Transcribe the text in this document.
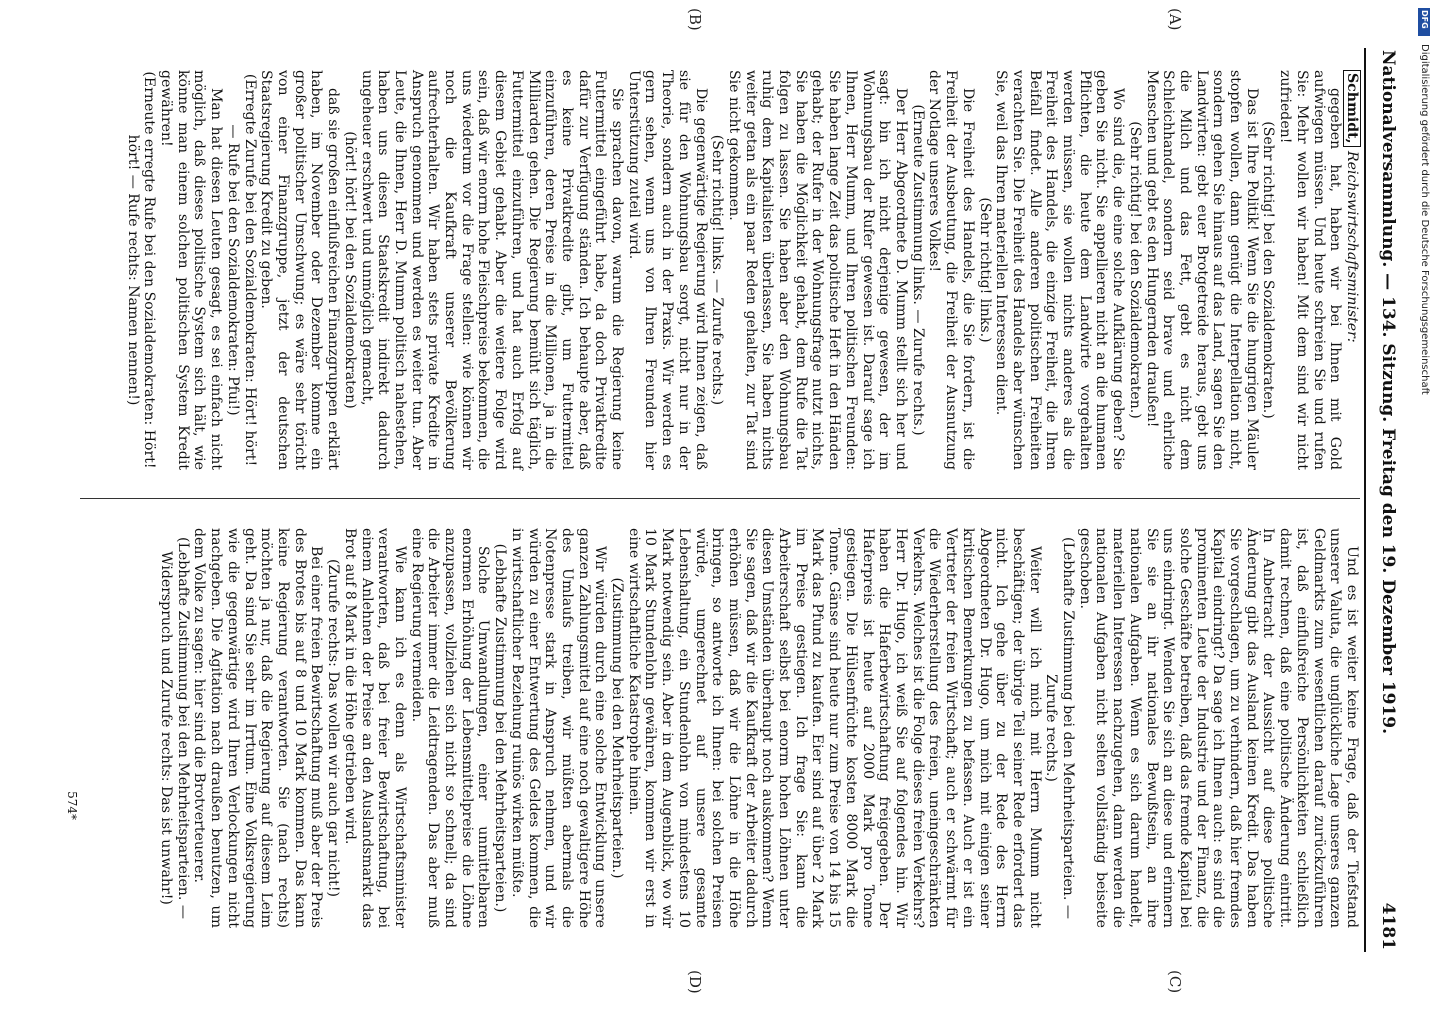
Nationalversammlung. — 134. Sitzung. Freitag den 19. Dezember 1919.
4181
(A)
(B)
(C)
(D)

Schmidt, Reichswirtschaftsminister:

gegeben hat, haben wir bei Ihnen mit Gold aufwiegen müssen. Und heute schreien Sie und rufen Sie: Mehr wollen wir haben! Mit dem sind wir nicht zufrieden!

(Sehr richtig! bei den Sozialdemokraten.)

Das ist Ihre Politik! Wenn Sie die hungrigen Mäuler stopfen wollen, dann genügt die Interpellation nicht, sondern gehen Sie hinaus auf das Land, sagen Sie den Landwirten: gebt euer Brotgetreide heraus, gebt uns die Milch und das Fett, gebt es nicht dem Schleichhandel, sondern seid brave und ehrliche Menschen und gebt es den Hungernden draußen!

(Sehr richtig! bei den Sozialdemokraten.)

Wo sind die, die eine solche Aufklärung geben? Sie geben Sie nicht. Sie appellieren nicht an die humanen Pflichten, die heute dem Landwirte vorgehalten werden müssen, sie wollen nichts anderes als die Freiheit des Handels, die einzige Freiheit, die Ihren Beifall findet. Alle anderen politischen Freiheiten verachten Sie. Die Freiheit des Handels aber wünschen Sie, weil das Ihren materiellen Interessen dient.

(Sehr richtig! links.)

Die Freiheit des Handels, die Sie fordern, ist die Freiheit der Ausbeutung, die Freiheit der Ausnutzung der Notlage unseres Volkes!

(Erneute Zustimmung links. — Zurufe rechts.)

Der Herr Abgeordnete D. Mumm stellt sich her und sagt: bin ich nicht derjenige gewesen, der im Wohnungsbau der Rufer gewesen ist. Darauf sage ich Ihnen, Herr Mumm, und Ihren politischen Freunden: Sie haben lange Zeit das politische Heft in den Händen gehabt; der Rufer in der Wohnungsfrage nutzt nichts, Sie haben die Möglichkeit gehabt, dem Rufe die Tat folgen zu lassen. Sie haben aber den Wohnungsbau ruhig dem Kapitalisten überlassen, Sie haben nichts weiter getan als ein paar Reden gehalten, zur Tat sind Sie nicht gekommen.

(Sehr richtig! links. — Zurufe rechts.)

Die gegenwärtige Regierung wird Ihnen zeigen, daß sie für den Wohnungsbau sorgt, nicht nur in der Theorie, sondern auch in der Praxis. Wir werden es gern sehen, wenn uns von Ihren Freunden hier Unterstützung zuteil wird.

Sie sprachen davon, warum die Regierung keine Futtermittel eingeführt habe, da doch Privatkredite dafür zur Verfügung ständen. Ich behaupte aber, daß es keine Privatkredite gibt, um Futtermittel einzuführen, deren Preise in die Millionen, ja in die Milliarden gehen. Die Regierung bemüht sich täglich, Futtermittel einzuführen, und hat auch Erfolg auf diesem Gebiet gehabt. Aber die weitere Folge wird sein, daß wir enorm hohe Fleischpreise bekommen, die uns wiederum vor die Frage stellen: wie können wir noch die Kaufkraft unserer Bevölkerung aufrechterhalten. Wir haben stets private Kredite in Anspruch genommen und werden es weiter tun. Aber Leute, die Ihnen, Herr D. Mumm politisch nahestehen, haben uns diesen Staatskredit indirekt dadurch ungeheuer erschwert und unmöglich gemacht,

(hört! hört! bei den Sozialdemokraten)

daß sie großen einflußreichen Finanzgruppen erklärt haben, im November oder Dezember komme ein großer politischer Umschwung; es wäre sehr töricht von einer Finanzgruppe, jetzt der deutschen Staatsregierung Kredit zu geben.

(Erregte Zurufe bei den Sozialdemokraten: Hört! hört! — Rufe bei den Sozialdemokraten: Pfui!)

Man hat diesen Leuten gesagt, es sei einfach nicht möglich, daß dieses politische System sich hält, wie könne man einem solchen politischen System Kredit gewähren!

(Erneute erregte Rufe bei den Sozialdemokraten: Hört! hört! — Rufe rechts: Namen nennen!)

Und es ist weiter keine Frage, daß der Tiefstand unserer Valuta, die unglückliche Lage unseres ganzen Geldmarkts zum wesentlichen darauf zurückzuführen ist, daß einflußreiche Persönlichkeiten schließlich damit rechnen, daß eine politische Änderung eintritt. In Anbetracht der Aussicht auf diese politische Änderung gibt das Ausland keinen Kredit. Das haben Sie vorgeschlagen, um zu verhindern, daß hier fremdes Kapital eindringt? Da sage ich Ihnen auch: es sind die prominenten Leute der Industrie und der Finanz, die solche Geschäfte betreiben, daß das fremde Kapital bei uns eindringt. Wenden Sie sich an diese und erinnern Sie sie an ihr nationales Bewußtsein, an ihre nationalen Aufgaben. Wenn es sich darum handelt, materiellen Interessen nachzugehen, dann werden die nationalen Aufgaben nicht selten vollständig beiseite geschoben.

(Lebhafte Zustimmung bei den Mehrheitsparteien. — Zurufe rechts.)

Weiter will ich mich mit Herrn Mumm nicht beschäftigen; der übrige Teil seiner Rede erfordert das nicht. Ich gehe über zu der Rede des Herrn Abgeordneten Dr. Hugo, um mich mit einigen seiner kritischen Bemerkungen zu befassen. Auch er ist ein Vertreter der freien Wirtschaft; auch er schwärmt für die Wiederherstellung des freien, uneingeschränkten Verkehrs. Welches ist die Folge dieses freien Verkehrs? Herr Dr. Hugo, ich weiß Sie auf folgendes hin. Wir haben die Haferbewirtschaftung freigegeben. Der Haferpreis ist heute auf 2000 Mark pro Tonne gestiegen. Die Hülsenfrüchte kosten 8000 Mark die Tonne. Gänse sind heute nur zum Preise von 14 bis 15 Mark das Pfund zu kaufen. Eier sind auf über 2 Mark im Preise gestiegen. Ich frage Sie: kann die Arbeiterschaft selbst bei enorm hohen Löhnen unter diesen Umständen überhaupt noch auskommen? Wenn Sie sagen, daß wir die Kaufkraft der Arbeiter dadurch erhöhen müssen, daß wir die Löhne in die Höhe bringen, so antworte ich Ihnen: bei solchen Preisen würde, umgerechnet auf unsere gesamte Lebenshaltung, ein Stundenlohn von mindestens 10 Mark notwendig sein. Aber in dem Augenblick, wo wir 10 Mark Stundenlohn gewähren, kommen wir erst in eine wirtschaftliche Katastrophe hinein.

(Zustimmung bei den Mehrheitsparteien.)

Wir würden durch eine solche Entwicklung unsere ganzen Zahlungsmittel auf eine noch gewaltigere Höhe des Umlaufs treiben, wir müßten abermals die Notenpresse stark in Anspruch nehmen, und wir würden zu einer Entwertung des Geldes kommen, die in wirtschaftlicher Beziehung ruinös wirken müßte.

(Lebhafte Zustimmung bei den Mehrheitsparteien.)

Solche Umwandlungen, einer unmittelbaren enormen Erhöhung der Lebensmittelpreise die Löhne anzupassen, vollziehen sich nicht so schnell; da sind die Arbeiter immer die Leidtragenden. Das aber muß eine Regierung vermeiden.

Wie kann ich es denn als Wirtschaftsminister verantworten, daß bei freier Bewirtschaftung, bei einem Anlehnen der Preise an den Auslandsmarkt das Brot auf 8 Mark in die Höhe getrieben wird.

(Zurufe rechts: Das wollen wir auch gar nicht!)

Bei einer freien Bewirtschaftung muß aber der Preis des Brotes bis auf 8 und 10 Mark kommen. Das kann keine Regierung verantworten. Sie (nach rechts) möchten ja nur, daß die Regierung auf diesem Leim geht. Da sind Sie sehr im Irrtum. Eine Volksregierung wie die gegenwärtige wird Ihren Verlockungen nicht nachgeben. Die Agitation nach draußen benutzen, um dem Volke zu sagen: hier sind die Brotverteuerer.

(Lebhafte Zustimmung bei den Mehrheitsparteien. — Widerspruch und Zurufe rechts: Das ist unwahr!)

574*
DFG
Digitalisierung gefördert durch die Deutsche Forschungsgemeinschaft
